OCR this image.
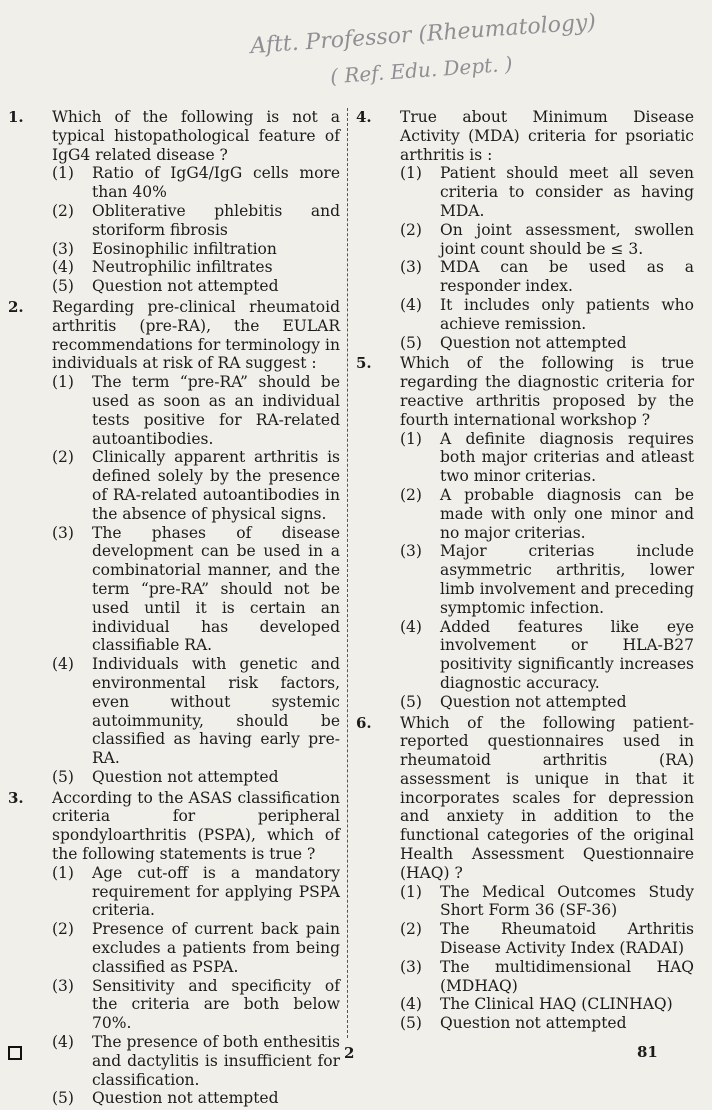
Aftt. Professor (Rheumatology)
( Ref. Edu. Dept. )
1.	Which of the following is not a typical histopathological feature of IgG4 related disease ?
(1)	Ratio of IgG4/IgG cells more than 40%
(2)	Obliterative phlebitis and storiform fibrosis
(3)	Eosinophilic infiltration
(4)	Neutrophilic infiltrates
(5)	Question not attempted
2.	Regarding pre-clinical rheumatoid arthritis (pre-RA), the EULAR recommendations for terminology in individuals at risk of RA suggest :
(1)	The term “pre-RA” should be used as soon as an individual tests positive for RA-related autoantibodies.
(2)	Clinically apparent arthritis is defined solely by the presence of RA-related autoantibodies in the absence of physical signs.
(3)	The phases of disease development can be used in a combinatorial manner, and the term “pre-RA” should not be used until it is certain an individual has developed classifiable RA.
(4)	Individuals with genetic and environmental risk factors, even without systemic autoimmunity, should be classified as having early pre-RA.
(5)	Question not attempted
3.	According to the ASAS classification criteria for peripheral spondyloarthritis (PSPA), which of the following statements is true ?
(1)	Age cut-off is a mandatory requirement for applying PSPA criteria.
(2)	Presence of current back pain excludes a patients from being classified as PSPA.
(3)	Sensitivity and specificity of the criteria are both below 70%.
(4)	The presence of both enthesitis and dactylitis is insufficient for classification.
(5)	Question not attempted
4.	True about Minimum Disease Activity (MDA) criteria for psoriatic arthritis is :
(1)	Patient should meet all seven criteria to consider as having MDA.
(2)	On joint assessment, swollen joint count should be ≤ 3.
(3)	MDA can be used as a responder index.
(4)	It includes only patients who achieve remission.
(5)	Question not attempted
5.	Which of the following is true regarding the diagnostic criteria for reactive arthritis proposed by the fourth international workshop ?
(1)	A definite diagnosis requires both major criterias and atleast two minor criterias.
(2)	A probable diagnosis can be made with only one minor and no major criterias.
(3)	Major criterias include asymmetric arthritis, lower limb involvement and preceding symptomic infection.
(4)	Added features like eye involvement or HLA-B27 positivity significantly increases diagnostic accuracy.
(5)	Question not attempted
6.	Which of the following patient-reported questionnaires used in rheumatoid arthritis (RA) assessment is unique in that it incorporates scales for depression and anxiety in addition to the functional categories of the original Health Assessment Questionnaire (HAQ) ?
(1)	The Medical Outcomes Study Short Form 36 (SF-36)
(2)	The Rheumatoid Arthritis Disease Activity Index (RADAI)
(3)	The multidimensional HAQ (MDHAQ)
(4)	The Clinical HAQ (CLINHAQ)
(5)	Question not attempted
2	81
